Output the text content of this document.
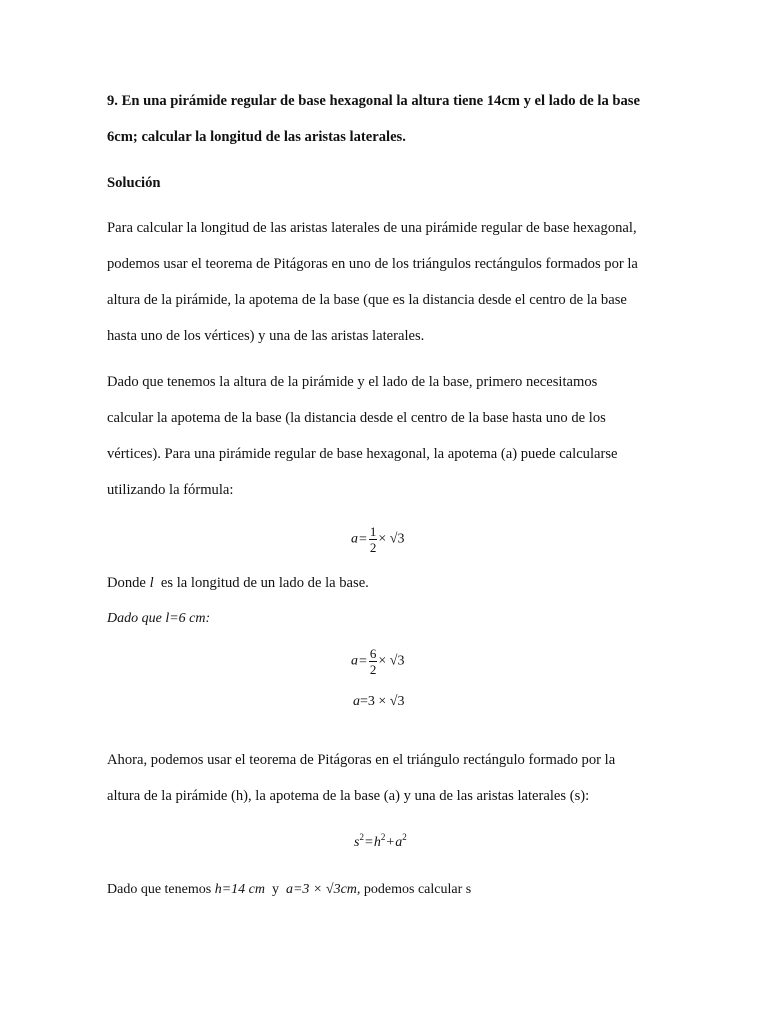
9. En una pirámide regular de base hexagonal la altura tiene 14cm y el lado de la base
6cm; calcular la longitud de las aristas laterales.
Solución
Para calcular la longitud de las aristas laterales de una pirámide regular de base hexagonal,
podemos usar el teorema de Pitágoras en uno de los triángulos rectángulos formados por la
altura de la pirámide, la apotema de la base (que es la distancia desde el centro de la base
hasta uno de los vértices) y una de las aristas laterales.
Dado que tenemos la altura de la pirámide y el lado de la base, primero necesitamos
calcular la apotema de la base (la distancia desde el centro de la base hasta uno de los
vértices). Para una pirámide regular de base hexagonal, la apotema (a) puede calcularse
utilizando la fórmula:
$a= \frac{1}{2} \times √3$
Donde l  es la longitud de un lado de la base.
Dado que l=6 cm:
$a= \frac{6}{2} \times √3$
a=3 × √3
Ahora, podemos usar el teorema de Pitágoras en el triángulo rectángulo formado por la
altura de la pirámide (h), la apotema de la base (a) y una de las aristas laterales (s):
$s^2=h^2+a^2$
Dado que tenemos h=14 cm  y  a=3 × √3cm, podemos calcular s
